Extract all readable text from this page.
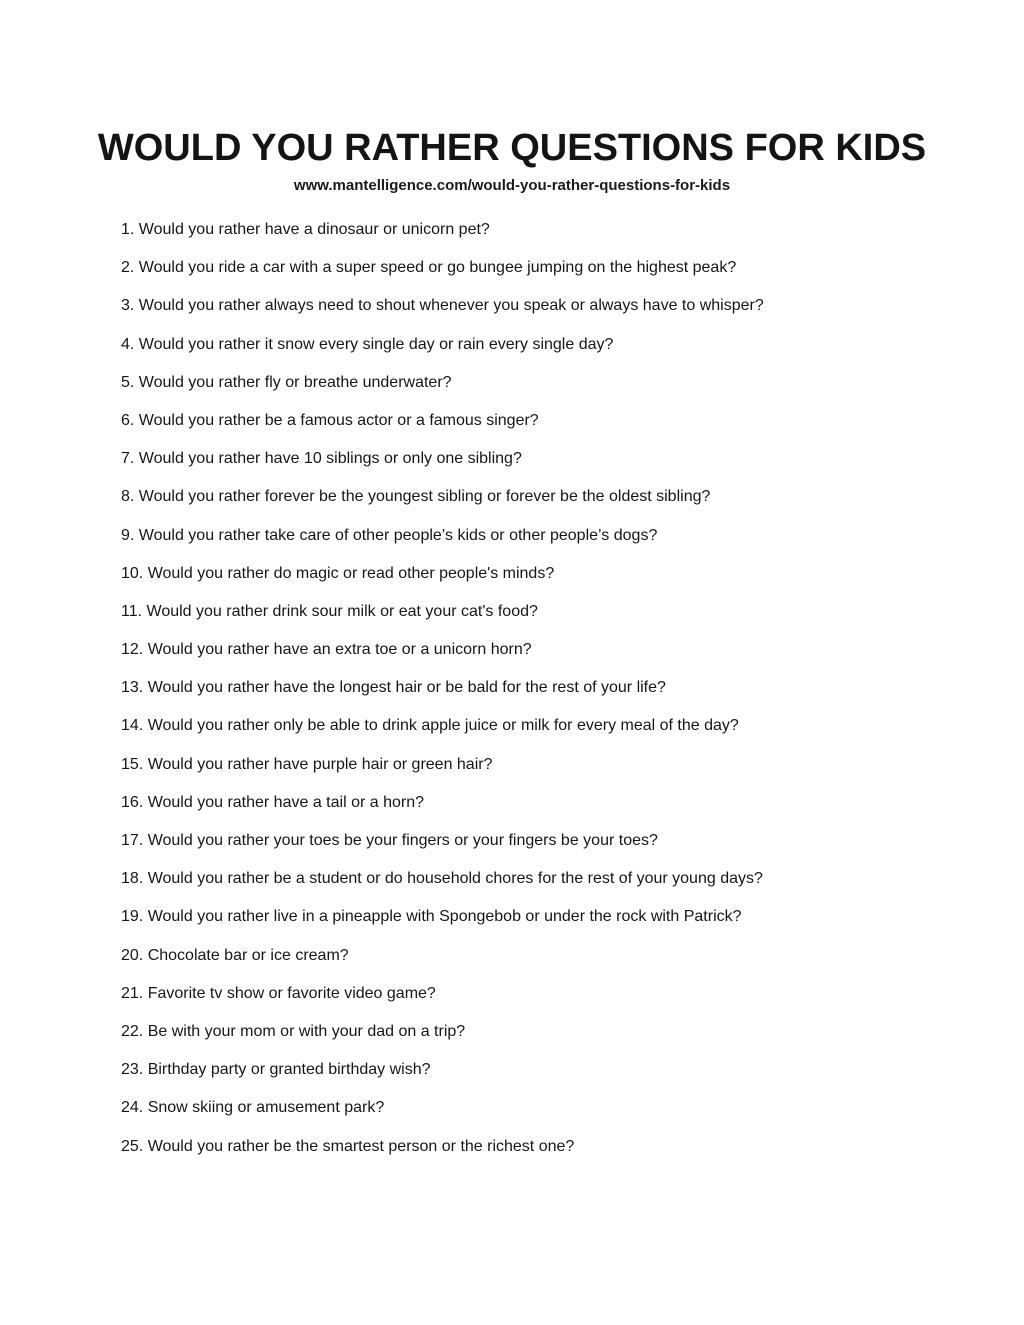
WOULD YOU RATHER QUESTIONS FOR KIDS
www.mantelligence.com/would-you-rather-questions-for-kids
1. Would you rather have a dinosaur or unicorn pet?
2. Would you ride a car with a super speed or go bungee jumping on the highest peak?
3. Would you rather always need to shout whenever you speak or always have to whisper?
4. Would you rather it snow every single day or rain every single day?
5. Would you rather fly or breathe underwater?
6. Would you rather be a famous actor or a famous singer?
7. Would you rather have 10 siblings or only one sibling?
8. Would you rather forever be the youngest sibling or forever be the oldest sibling?
9. Would you rather take care of other people’s kids or other people’s dogs?
10. Would you rather do magic or read other people's minds?
11. Would you rather drink sour milk or eat your cat's food?
12. Would you rather have an extra toe or a unicorn horn?
13. Would you rather have the longest hair or be bald for the rest of your life?
14. Would you rather only be able to drink apple juice or milk for every meal of the day?
15. Would you rather have purple hair or green hair?
16. Would you rather have a tail or a horn?
17. Would you rather your toes be your fingers or your fingers be your toes?
18. Would you rather be a student or do household chores for the rest of your young days?
19. Would you rather live in a pineapple with Spongebob or under the rock with Patrick?
20. Chocolate bar or ice cream?
21. Favorite tv show or favorite video game?
22. Be with your mom or with your dad on a trip?
23. Birthday party or granted birthday wish?
24. Snow skiing or amusement park?
25. Would you rather be the smartest person or the richest one?
